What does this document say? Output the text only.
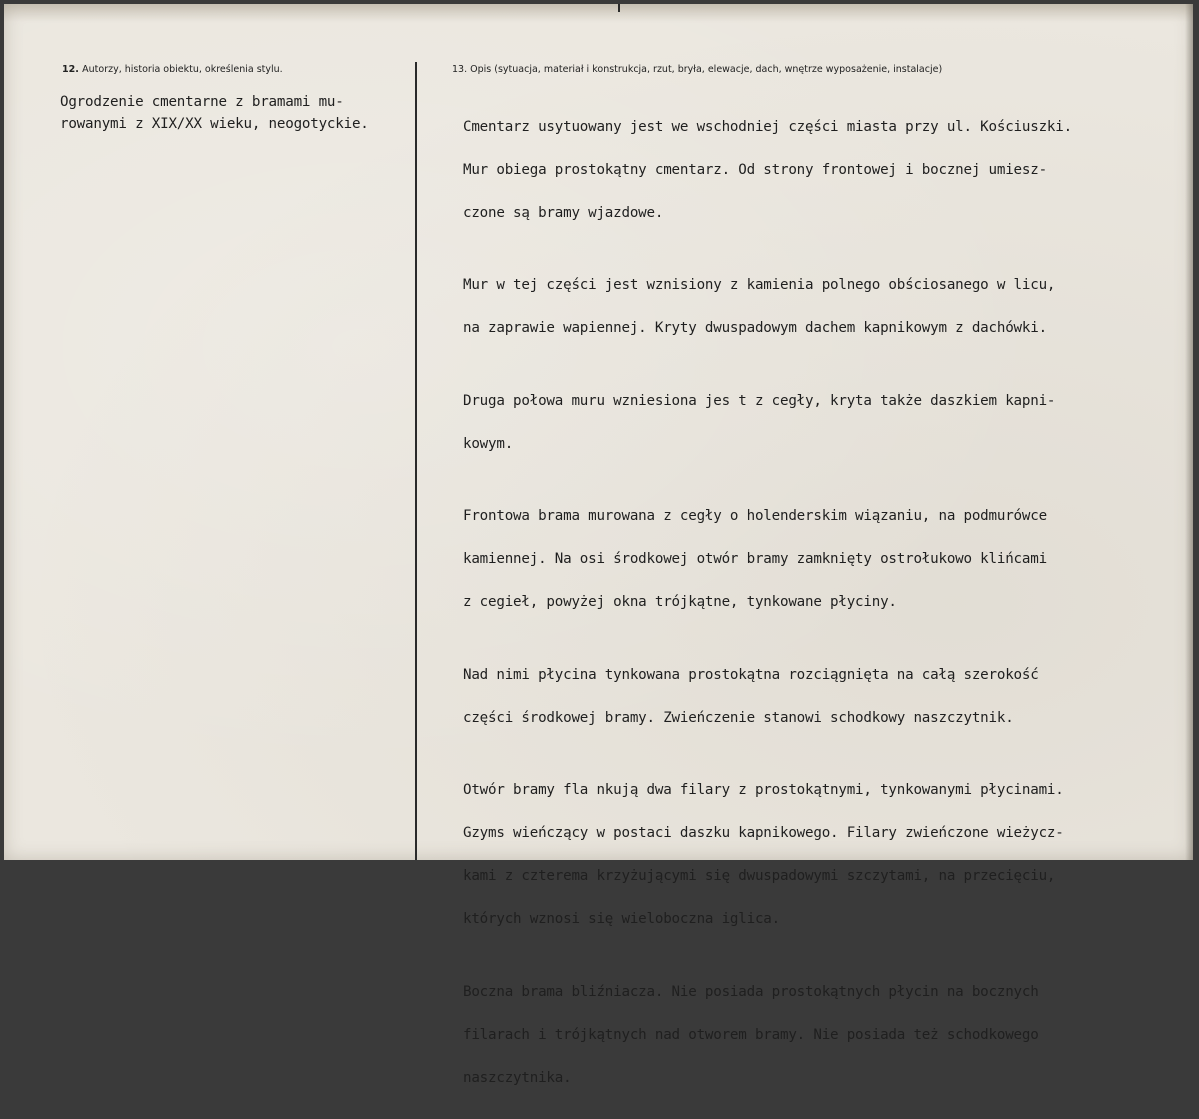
12. Autorzy, historia obiektu, określenia stylu.	13. Opis (sytuacja, materiał i konstrukcja, rzut, bryła, elewacje, dach, wnętrze wyposażenie, instalacje)
Ogrodzenie cmentarne z bramami mu-
rowanymi z XIX/XX wieku, neogotyckie.	Cmentarz usytuowany jest we wschodniej części miasta przy ul. Kościuszki.

Mur obiega prostokątny cmentarz. Od strony frontowej i bocznej umiesz-

czone są bramy wjazdowe.

Mur w tej części jest wznisiony z kamienia polnego obściosanego w licu,

na zaprawie wapiennej. Kryty dwuspadowym dachem kapnikowym z dachówki.

Druga połowa muru wzniesiona jes t z cegły, kryta także daszkiem kapni-

kowym.

Frontowa brama murowana z cegły o holenderskim wiązaniu, na podmurówce

kamiennej. Na osi środkowej otwór bramy zamknięty ostrołukowo klińcami

z cegieł, powyżej okna trójkątne, tynkowane płyciny.

Nad nimi płycina tynkowana prostokątna rozciągnięta na całą szerokość

części środkowej bramy. Zwieńczenie stanowi schodkowy naszczytnik.

Otwór bramy fla nkują dwa filary z prostokątnymi, tynkowanymi płycinami.

Gzyms wieńczący w postaci daszku kapnikowego. Filary zwieńczone wieżycz-

kami z czterema krzyżującymi się dwuspadowymi szczytami, na przecięciu,

których wznosi się wieloboczna iglica.

Boczna brama bliźniacza. Nie posiada prostokątnych płycin na bocznych

filarach i trójkątnych nad otworem bramy. Nie posiada też schodkowego

naszczytnika.
